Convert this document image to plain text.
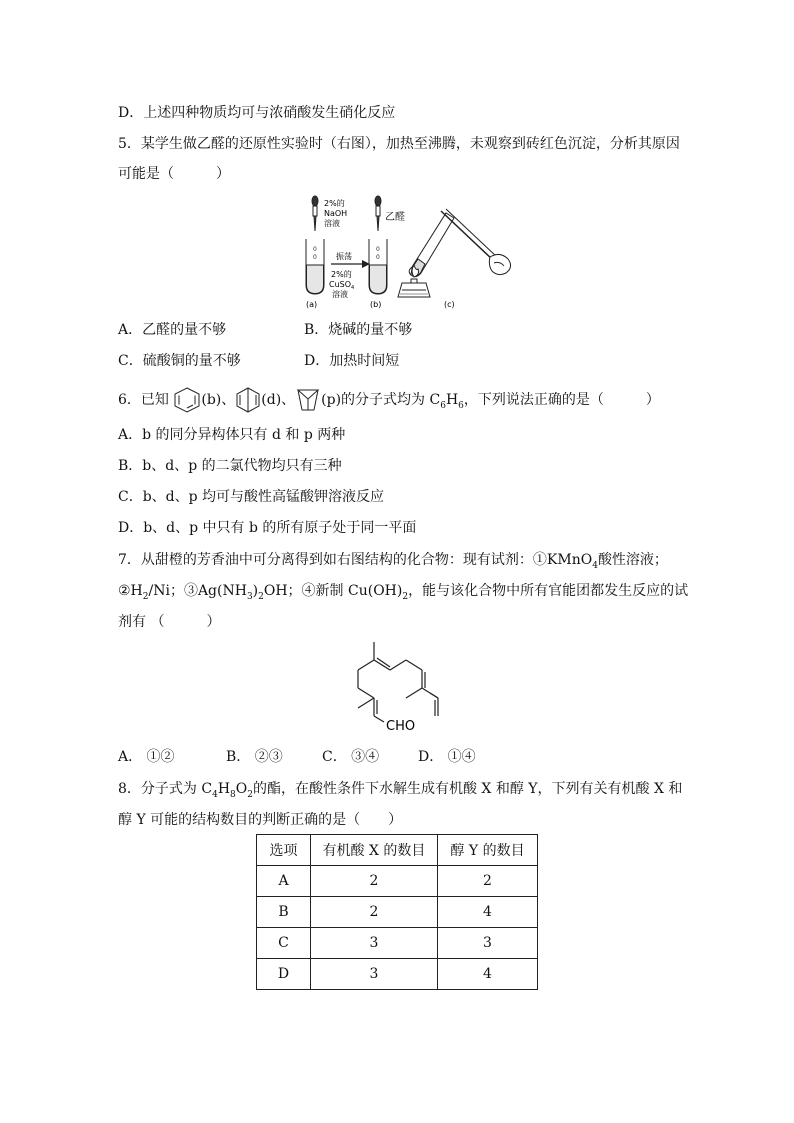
D．上述四种物质均可与浓硝酸发生硝化反应
5．某学生做乙醛的还原性实验时（右图），加热至沸腾，未观察到砖红色沉淀，分析其原因
可能是（　　　）
2%的
NaOH
溶液
0
0 振荡
2%的
CuSO$_4$
溶液
乙醛
0
0
(a)	(b)	(c)
A．乙醛的量不够	B．烧碱的量不够
C．硫酸铜的量不够	D．加热时间短
6．已知 (b)、 (d)、 (p)的分子式均为 $C_6H_6$，下列说法正确的是（　　　）
A．b 的同分异构体只有 d 和 p 两种
B．b、d、p 的二氯代物均只有三种
C．b、d、p 均可与酸性高锰酸钾溶液反应
D．b、d、p 中只有 b 的所有原子处于同一平面
7．从甜橙的芳香油中可分离得到如右图结构的化合物：现有试剂：①KMnO$_4$酸性溶液；
$②H_2/Ni$；$③Ag(NH_3)_2OH$；④新制 $Cu(OH)_2$，能与该化合物中所有官能团都发生反应的试
剂有 （　　　）
CHO
A． ①②	B． ②③	C． ③④	D． ①④
8．分子式为 $C_4H_8O_2$的酯，在酸性条件下水解生成有机酸 X 和醇 Y，下列有关有机酸 X 和
醇 Y 可能的结构数目的判断正确的是（　　）
选项	有机酸 X 的数目	醇 Y 的数目
A	2	2
B	2	4
C	3	3
D	3	4
